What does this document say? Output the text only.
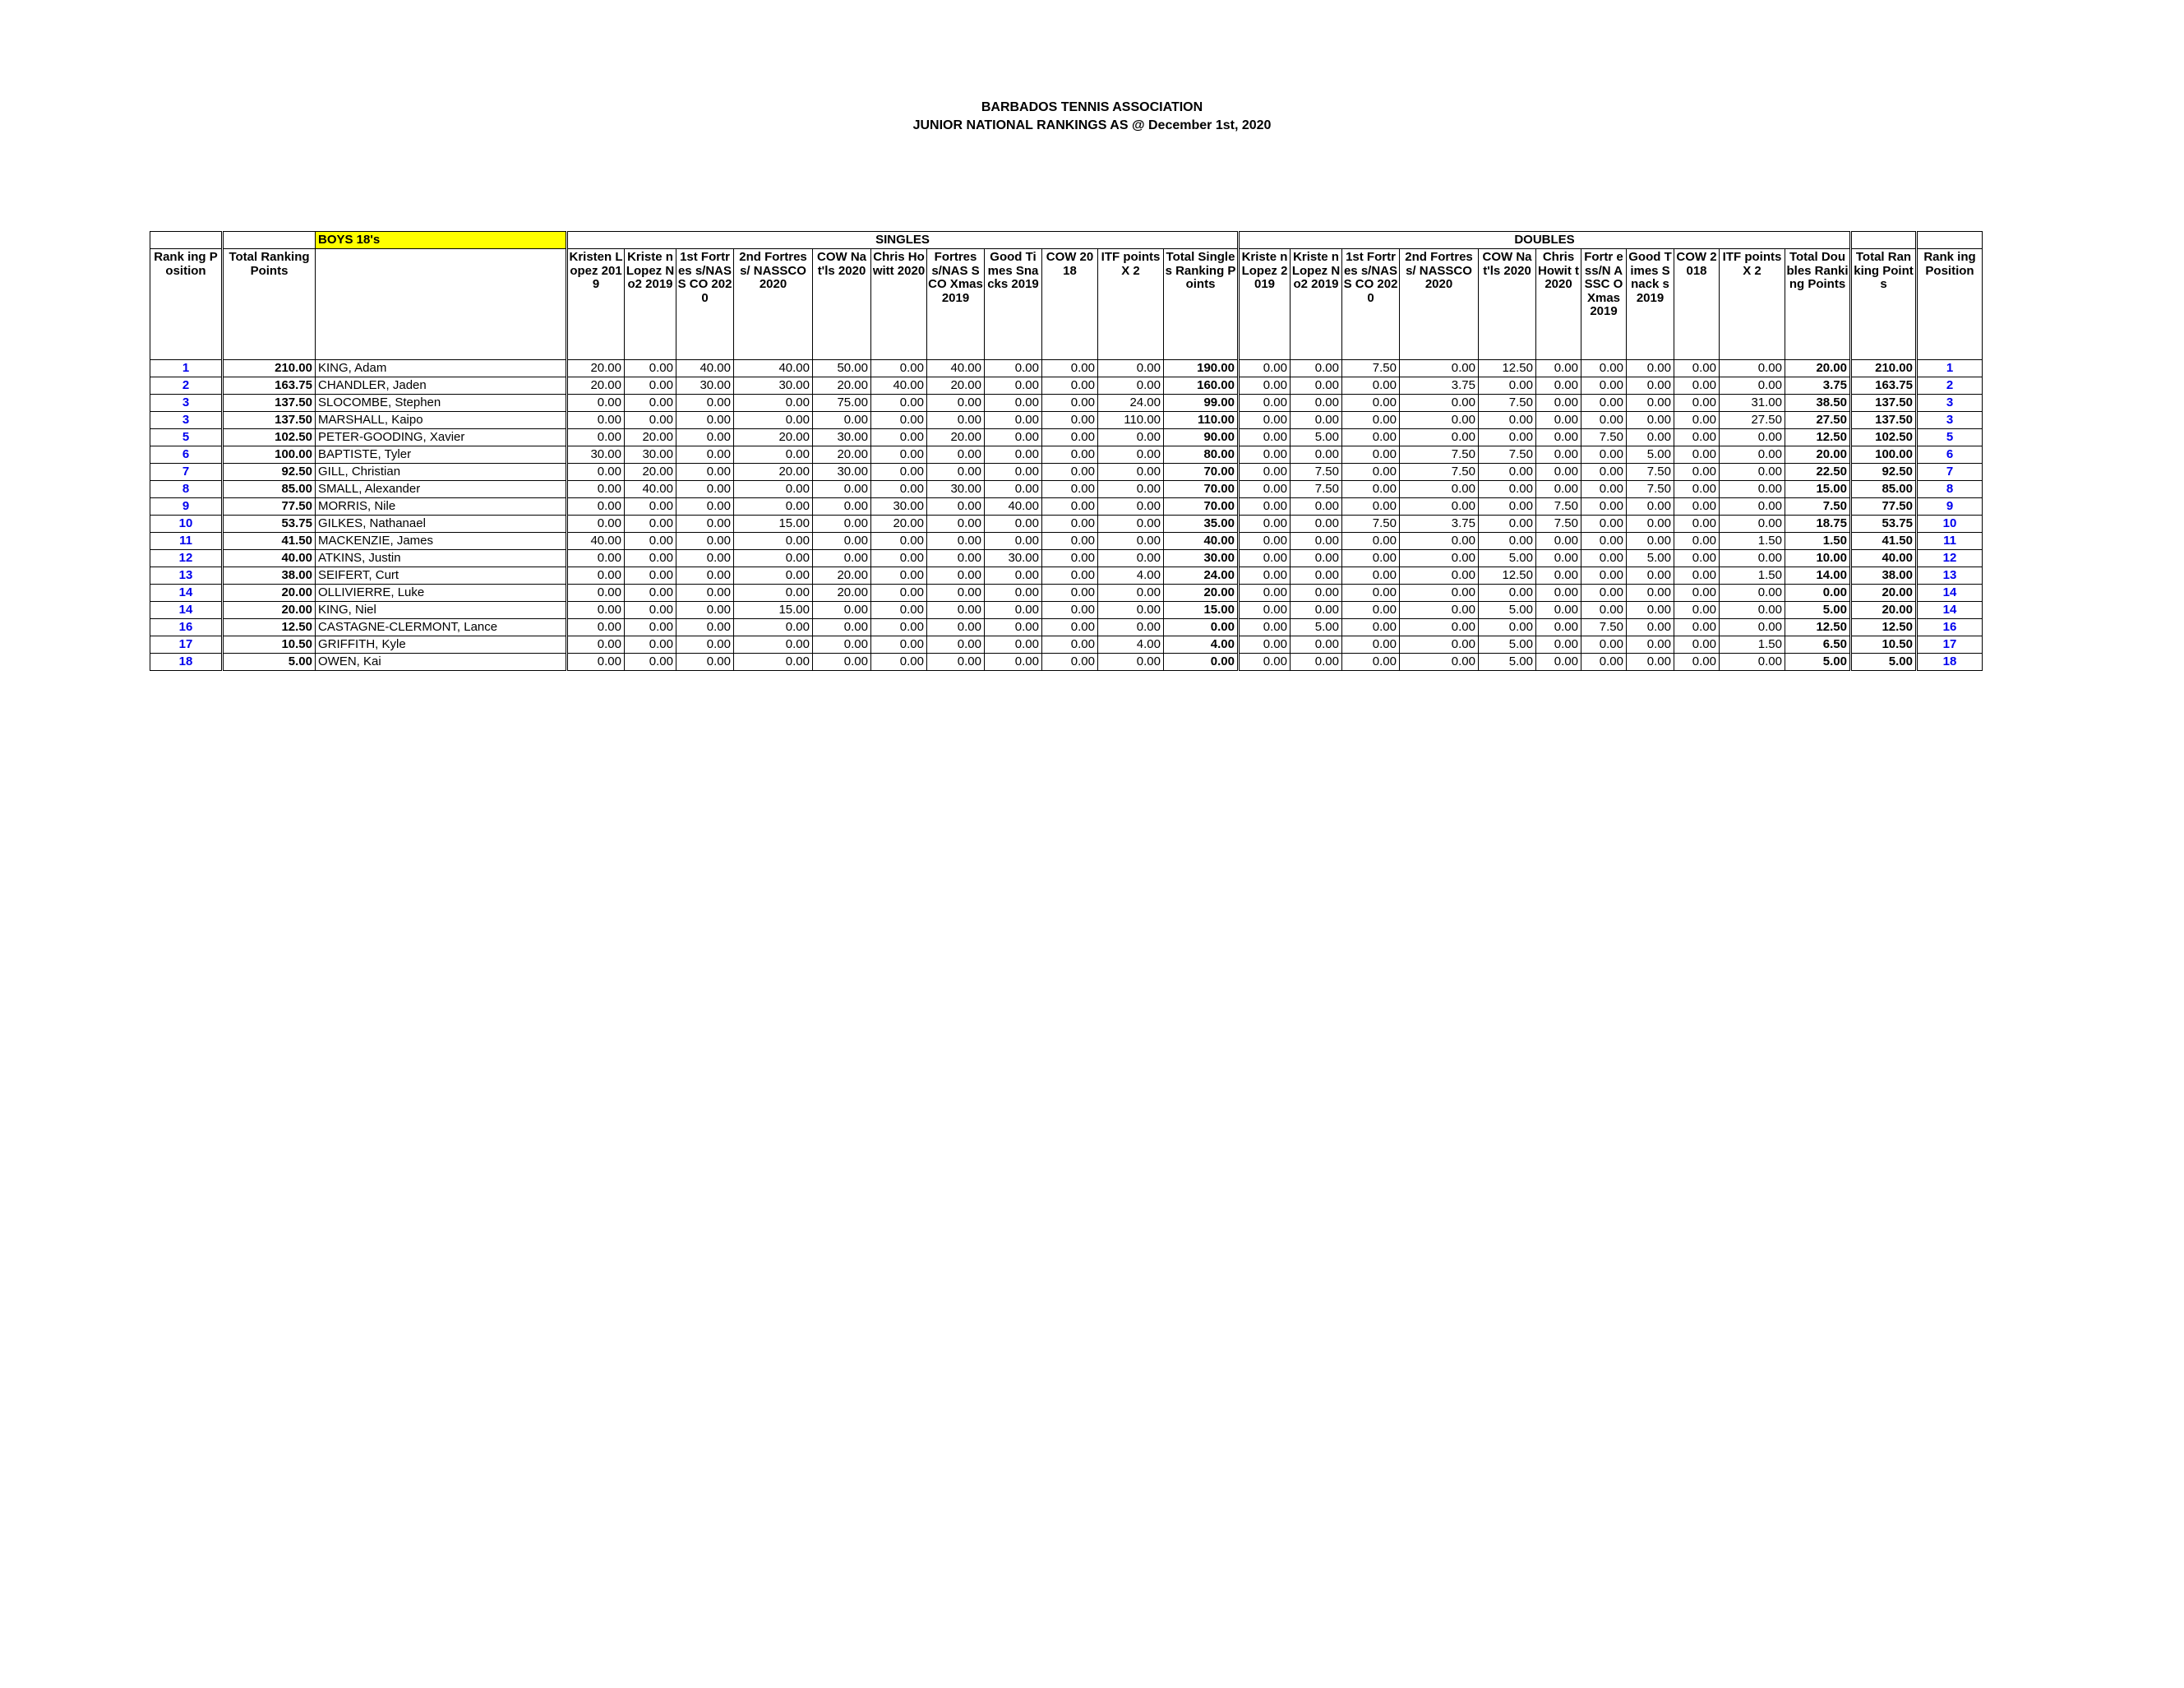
BARBADOS TENNIS ASSOCIATION
JUNIOR NATIONAL RANKINGS AS @ December 1st, 2020
		BOYS 18's	SINGLES											DOUBLES												
Rank ing Position	Total Ranking Points		Kristen Lopez 2019	Kriste n Lopez No2 2019	1st Fortres s/NASS CO 2020	2nd Fortress/ NASSCO 2020	COW Nat'ls 2020	Chris Howitt 2020	Fortres s/NAS SCO Xmas 2019	Good Times Snacks 2019	COW 2018	ITF points X 2	Total Singles Ranking Points	Kriste n Lopez 2019	Kriste n Lopez No2 2019	1st Fortres s/NASS CO 2020	2nd Fortress/ NASSCO 2020	COW Nat'ls 2020	Chris Howit t 2020	Fortr ess/N ASSC O Xmas 2019	Good Times Snack s 2019	COW 2018	ITF points X 2	Total Doubles Ranking Points	Total Ranking Points	Rank ing Position
1	210.00	KING, Adam	20.00	0.00	40.00	40.00	50.00	0.00	40.00	0.00	0.00	0.00	190.00	0.00	0.00	7.50	0.00	12.50	0.00	0.00	0.00	0.00	0.00	20.00	210.00	1
2	163.75	CHANDLER, Jaden	20.00	0.00	30.00	30.00	20.00	40.00	20.00	0.00	0.00	0.00	160.00	0.00	0.00	0.00	3.75	0.00	0.00	0.00	0.00	0.00	0.00	3.75	163.75	2
3	137.50	SLOCOMBE, Stephen	0.00	0.00	0.00	0.00	75.00	0.00	0.00	0.00	0.00	24.00	99.00	0.00	0.00	0.00	0.00	7.50	0.00	0.00	0.00	0.00	31.00	38.50	137.50	3
3	137.50	MARSHALL, Kaipo	0.00	0.00	0.00	0.00	0.00	0.00	0.00	0.00	0.00	110.00	110.00	0.00	0.00	0.00	0.00	0.00	0.00	0.00	0.00	0.00	27.50	27.50	137.50	3
5	102.50	PETER-GOODING, Xavier	0.00	20.00	0.00	20.00	30.00	0.00	20.00	0.00	0.00	0.00	90.00	0.00	5.00	0.00	0.00	0.00	0.00	7.50	0.00	0.00	0.00	12.50	102.50	5
6	100.00	BAPTISTE, Tyler	30.00	30.00	0.00	0.00	20.00	0.00	0.00	0.00	0.00	0.00	80.00	0.00	0.00	0.00	7.50	7.50	0.00	0.00	5.00	0.00	0.00	20.00	100.00	6
7	92.50	GILL, Christian	0.00	20.00	0.00	20.00	30.00	0.00	0.00	0.00	0.00	0.00	70.00	0.00	7.50	0.00	7.50	0.00	0.00	0.00	7.50	0.00	0.00	22.50	92.50	7
8	85.00	SMALL, Alexander	0.00	40.00	0.00	0.00	0.00	0.00	30.00	0.00	0.00	0.00	70.00	0.00	7.50	0.00	0.00	0.00	0.00	0.00	7.50	0.00	0.00	15.00	85.00	8
9	77.50	MORRIS, Nile	0.00	0.00	0.00	0.00	0.00	30.00	0.00	40.00	0.00	0.00	70.00	0.00	0.00	0.00	0.00	0.00	7.50	0.00	0.00	0.00	0.00	7.50	77.50	9
10	53.75	GILKES, Nathanael	0.00	0.00	0.00	15.00	0.00	20.00	0.00	0.00	0.00	0.00	35.00	0.00	0.00	7.50	3.75	0.00	7.50	0.00	0.00	0.00	0.00	18.75	53.75	10
11	41.50	MACKENZIE, James	40.00	0.00	0.00	0.00	0.00	0.00	0.00	0.00	0.00	0.00	40.00	0.00	0.00	0.00	0.00	0.00	0.00	0.00	0.00	0.00	1.50	1.50	41.50	11
12	40.00	ATKINS, Justin	0.00	0.00	0.00	0.00	0.00	0.00	0.00	30.00	0.00	0.00	30.00	0.00	0.00	0.00	0.00	5.00	0.00	0.00	5.00	0.00	0.00	10.00	40.00	12
13	38.00	SEIFERT, Curt	0.00	0.00	0.00	0.00	20.00	0.00	0.00	0.00	0.00	4.00	24.00	0.00	0.00	0.00	0.00	12.50	0.00	0.00	0.00	0.00	1.50	14.00	38.00	13
14	20.00	OLLIVIERRE, Luke	0.00	0.00	0.00	0.00	20.00	0.00	0.00	0.00	0.00	0.00	20.00	0.00	0.00	0.00	0.00	0.00	0.00	0.00	0.00	0.00	0.00	0.00	20.00	14
14	20.00	KING, Niel	0.00	0.00	0.00	15.00	0.00	0.00	0.00	0.00	0.00	0.00	15.00	0.00	0.00	0.00	0.00	5.00	0.00	0.00	0.00	0.00	0.00	5.00	20.00	14
16	12.50	CASTAGNE-CLERMONT, Lance	0.00	0.00	0.00	0.00	0.00	0.00	0.00	0.00	0.00	0.00	0.00	0.00	5.00	0.00	0.00	0.00	0.00	7.50	0.00	0.00	0.00	12.50	12.50	16
17	10.50	GRIFFITH, Kyle	0.00	0.00	0.00	0.00	0.00	0.00	0.00	0.00	0.00	4.00	4.00	0.00	0.00	0.00	0.00	5.00	0.00	0.00	0.00	0.00	1.50	6.50	10.50	17
18	5.00	OWEN, Kai	0.00	0.00	0.00	0.00	0.00	0.00	0.00	0.00	0.00	0.00	0.00	0.00	0.00	0.00	0.00	5.00	0.00	0.00	0.00	0.00	0.00	5.00	5.00	18
